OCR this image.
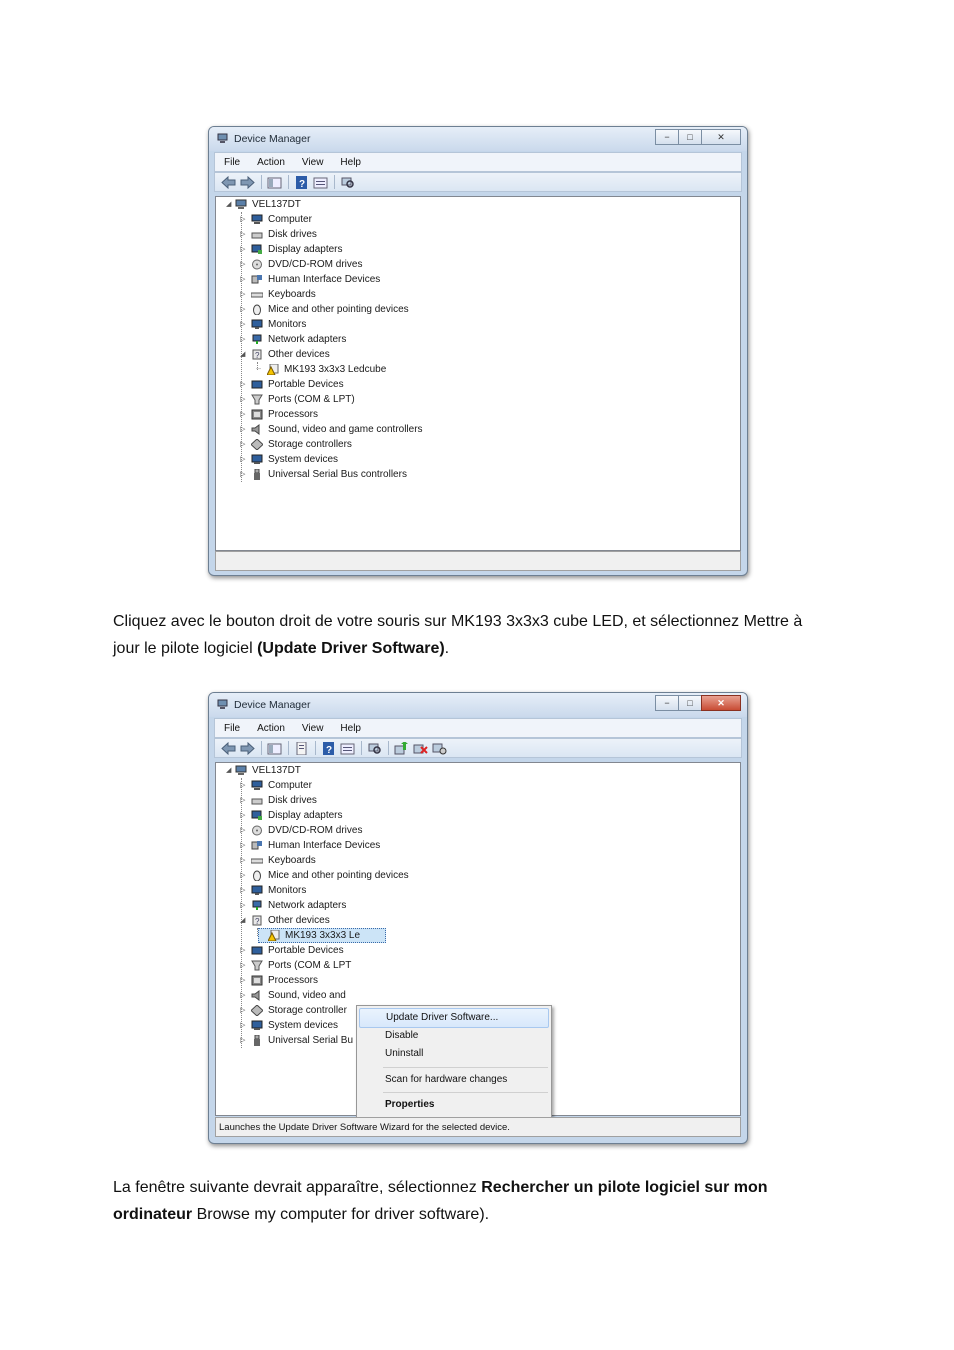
Device Manager	−	□	✕
File	Action	View	Help
?
◢ VEL137DT
▷ Computer
▷ Disk drives
▷ Display adapters
▷ DVD/CD-ROM drives
▷ Human Interface Devices
▷ Keyboards
▷ Mice and other pointing devices
▷ Monitors
▷ Network adapters
◢ ? Other devices
─ MK193 3x3x3 Ledcube
▷ Portable Devices
▷ Ports (COM & LPT)
▷ Processors
▷ Sound, video and game controllers
▷ Storage controllers
▷ System devices
▷ Universal Serial Bus controllers
Cliquez avec le bouton droit de votre souris sur MK193 3x3x3 cube LED, et sélectionnez Mettre à jour le pilote logiciel (Update Driver Software).
Device Manager	−	□	✕
File	Action	View	Help
?
◢ VEL137DT
▷ Computer
▷ Disk drives
▷ Display adapters
▷ DVD/CD-ROM drives
▷ Human Interface Devices
▷ Keyboards
▷ Mice and other pointing devices
▷ Monitors
▷ Network adapters
◢ ? Other devices
MK193 3x3x3 Le
▷ Portable Devices
▷ Ports (COM & LPT
▷ Processors
▷ Sound, video and
▷ Storage controller
▷ System devices
▷ Universal Serial Bu
Update Driver Software...
Disable
Uninstall
Scan for hardware changes
Properties
Launches the Update Driver Software Wizard for the selected device.
La fenêtre suivante devrait apparaître, sélectionnez Rechercher un pilote logiciel sur mon ordinateur Browse my computer for driver software).
